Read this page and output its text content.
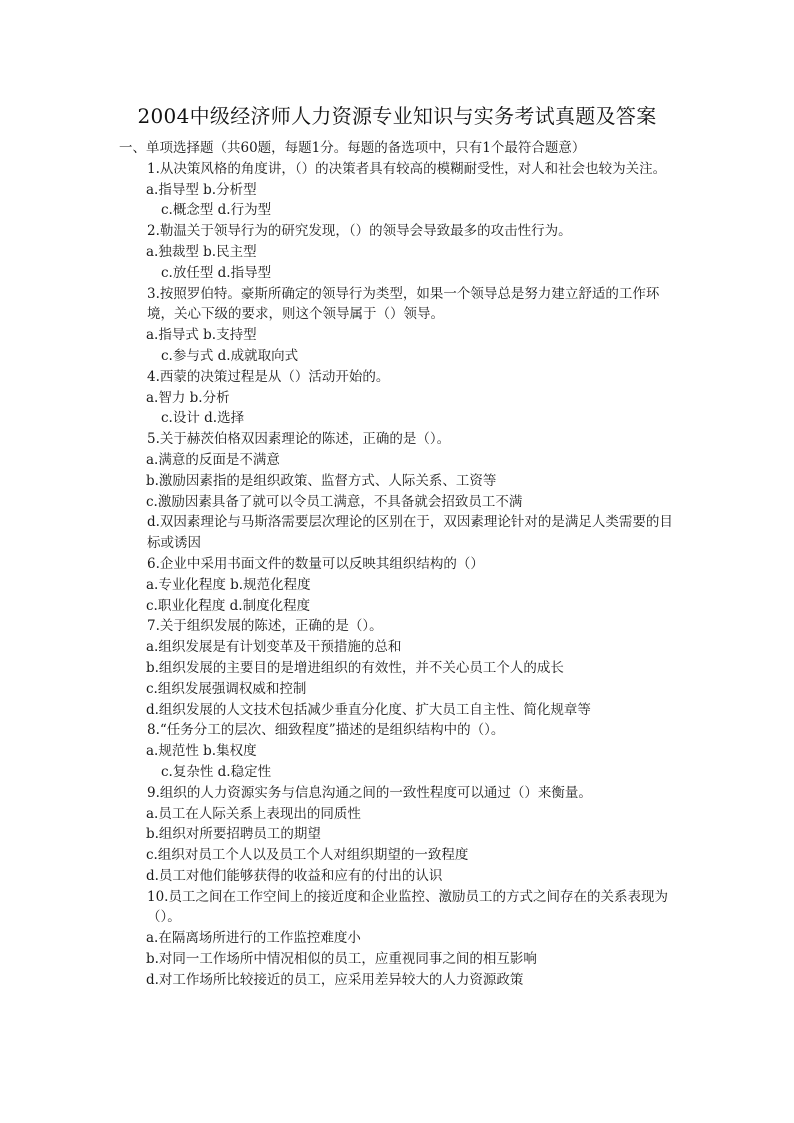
2004中级经济师人力资源专业知识与实务考试真题及答案
一、单项选择题（共60题，每题1分。每题的备选项中，只有1个最符合题意）
1.从决策风格的角度讲，（）的决策者具有较高的模糊耐受性，对人和社会也较为关注。
a.指导型 b.分析型
c.概念型 d.行为型
2.勒温关于领导行为的研究发现，（）的领导会导致最多的攻击性行为。
a.独裁型 b.民主型
c.放任型 d.指导型
3.按照罗伯特。豪斯所确定的领导行为类型，如果一个领导总是努力建立舒适的工作环境，关心下级的要求，则这个领导属于（）领导。
a.指导式 b.支持型
c.参与式 d.成就取向式
4.西蒙的决策过程是从（）活动开始的。
a.智力 b.分析
c.设计 d.选择
5.关于赫茨伯格双因素理论的陈述，正确的是（）。
a.满意的反面是不满意
b.激励因素指的是组织政策、监督方式、人际关系、工资等
c.激励因素具备了就可以令员工满意，不具备就会招致员工不满
d.双因素理论与马斯洛需要层次理论的区别在于，双因素理论针对的是满足人类需要的目标或诱因
6.企业中采用书面文件的数量可以反映其组织结构的（）
a.专业化程度 b.规范化程度
c.职业化程度 d.制度化程度
7.关于组织发展的陈述，正确的是（）。
a.组织发展是有计划变革及干预措施的总和
b.组织发展的主要目的是增进组织的有效性，并不关心员工个人的成长
c.组织发展强调权威和控制
d.组织发展的人文技术包括减少垂直分化度、扩大员工自主性、简化规章等
8.“任务分工的层次、细致程度”描述的是组织结构中的（）。
a.规范性 b.集权度
c.复杂性 d.稳定性
9.组织的人力资源实务与信息沟通之间的一致性程度可以通过（）来衡量。
a.员工在人际关系上表现出的同质性
b.组织对所要招聘员工的期望
c.组织对员工个人以及员工个人对组织期望的一致程度
d.员工对他们能够获得的收益和应有的付出的认识
10.员工之间在工作空间上的接近度和企业监控、激励员工的方式之间存在的关系表现为（）。
a.在隔离场所进行的工作监控难度小
b.对同一工作场所中情况相似的员工，应重视同事之间的相互影响
d.对工作场所比较接近的员工，应采用差异较大的人力资源政策
